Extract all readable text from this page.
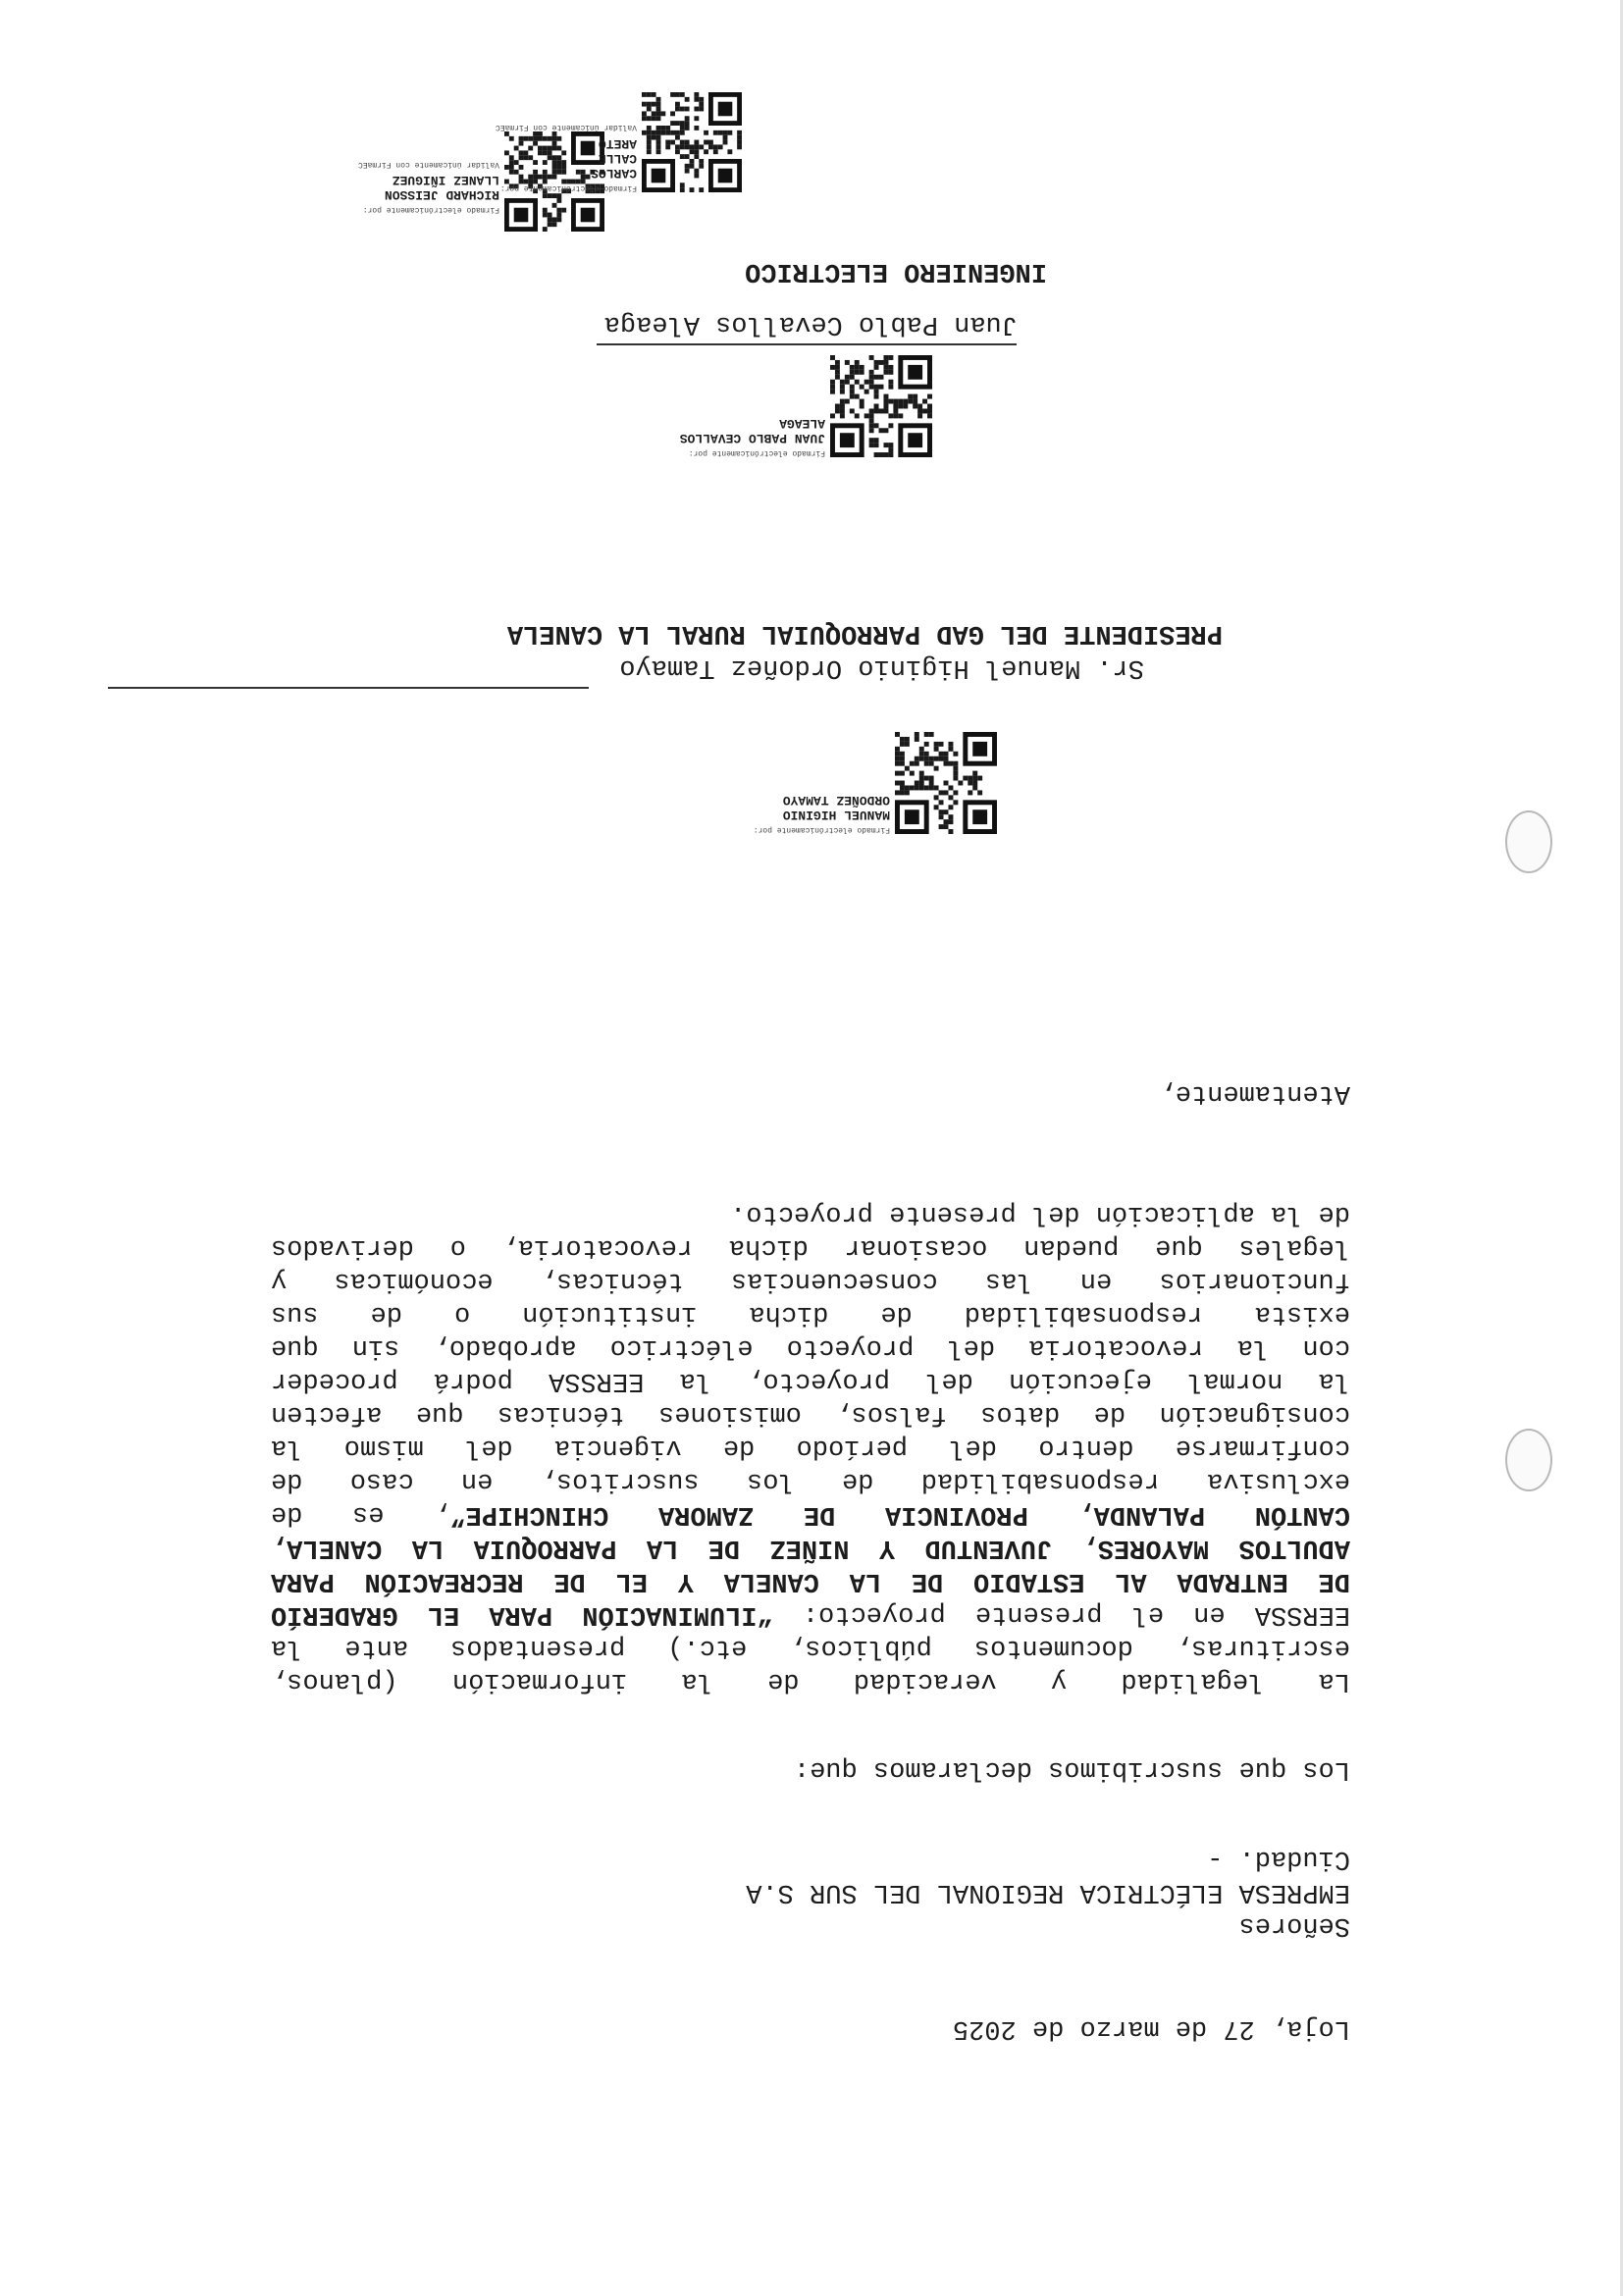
Loja, 27 de marzo de 2025
Señores
EMPRESA ELÉCTRICA REGIONAL DEL SUR S.A
Ciudad. -
Los que suscribimos declaramos que:
La legalidad y veracidad de la información (planos,
escrituras, documentos públicos, etc.) presentados ante la
EERSSA en el presente proyecto: “ILUMINACIÓN PARA EL GRADERÍO
DE ENTRADA AL ESTADIO DE LA CANELA Y EL DE RECREACIÓN PARA
ADULTOS MAYORES, JUVENTUD Y NIÑEZ DE LA PARROQUIA LA CANELA,
CANTÓN PALANDA, PROVINCIA DE ZAMORA CHINCHIPE”, es de
exclusiva responsabilidad de los suscritos, en caso de
confirmarse dentro del período de vigencia del mismo la
consignación de datos falsos, omisiones técnicas que afecten
la normal ejecución del proyecto, la EERSSA podrá proceder
con la revocatoria del proyecto eléctrico aprobado, sin que
exista responsabilidad de dicha institución o de sus
funcionarios en las consecuencias técnicas, económicas y
legales que puedan ocasionar dicha revocatoria, o derivados
de la aplicación del presente proyecto.
Atentamente,
Firmado electrónicamente por:
MANUEL HIGINIO
ORDOÑEZ TAMAYO
Sr. Manuel Higinio Ordoñez Tamayo
PRESIDENTE DEL GAD PARROQUIAL RURAL LA CANELA
Firmado electrónicamente por:
JUAN PABLO CEVALLOS
ALEAGA
Juan Pablo Cevallos Aleaga
INGENIERO ELECTRICO
Firmado electrónicamente por:
RICHARD JEISSON
LLANEZ IÑIGUEZ
Validar únicamente con FirmaEC
Firmado electrónicamente por:
CARLOS
CALLE
ARETO
Validar únicamente con FirmaEC
